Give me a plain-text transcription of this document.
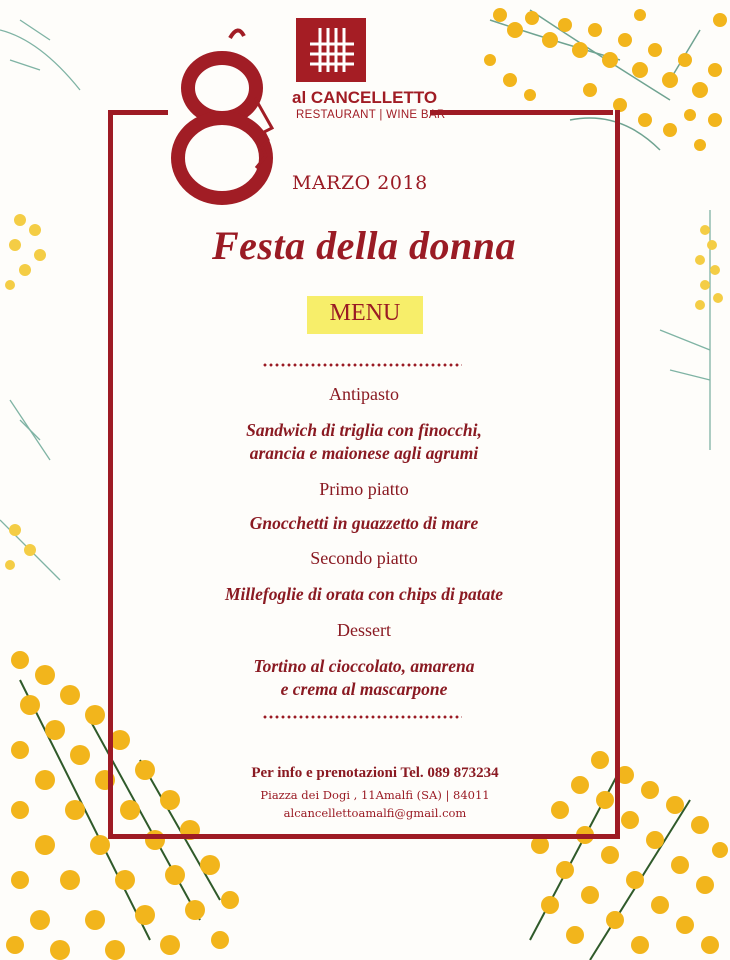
al CANCELLETTO
RESTAURANT | WINE BAR
MARZO 2018
Festa della donna
MENU
Antipasto
Sandwich di triglia con finocchi,
arancia e maionese agli agrumi
Primo piatto
Gnocchetti in guazzetto di mare
Secondo piatto
Millefoglie di orata con chips di patate
Dessert
Tortino al cioccolato, amarena
e crema al mascarpone
Per info e prenotazioni Tel. 089 873234
Piazza dei Dogi , 11Amalfi (SA) | 84011
alcancellettoamalfi@gmail.com
